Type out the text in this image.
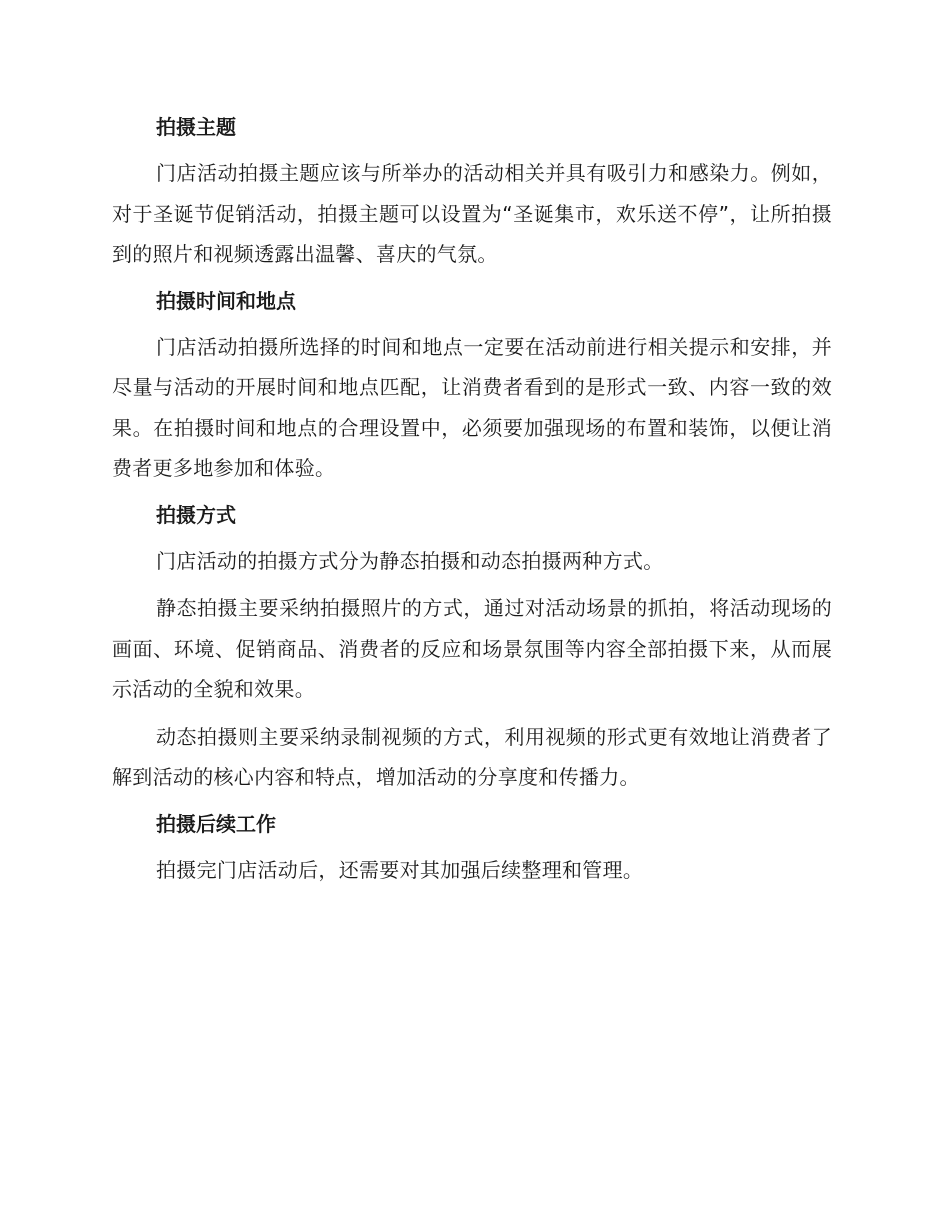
拍摄主题

门店活动拍摄主题应该与所举办的活动相关并具有吸引力和感染力。例如，对于圣诞节促销活动，拍摄主题可以设置为“圣诞集市，欢乐送不停”，让所拍摄到的照片和视频透露出温馨、喜庆的气氛。

拍摄时间和地点

门店活动拍摄所选择的时间和地点一定要在活动前进行相关提示和安排，并尽量与活动的开展时间和地点匹配，让消费者看到的是形式一致、内容一致的效果。在拍摄时间和地点的合理设置中，必须要加强现场的布置和装饰，以便让消费者更多地参加和体验。

拍摄方式

门店活动的拍摄方式分为静态拍摄和动态拍摄两种方式。

静态拍摄主要采纳拍摄照片的方式，通过对活动场景的抓拍，将活动现场的画面、环境、促销商品、消费者的反应和场景氛围等内容全部拍摄下来，从而展示活动的全貌和效果。

动态拍摄则主要采纳录制视频的方式，利用视频的形式更有效地让消费者了解到活动的核心内容和特点，增加活动的分享度和传播力。

拍摄后续工作

拍摄完门店活动后，还需要对其加强后续整理和管理。
